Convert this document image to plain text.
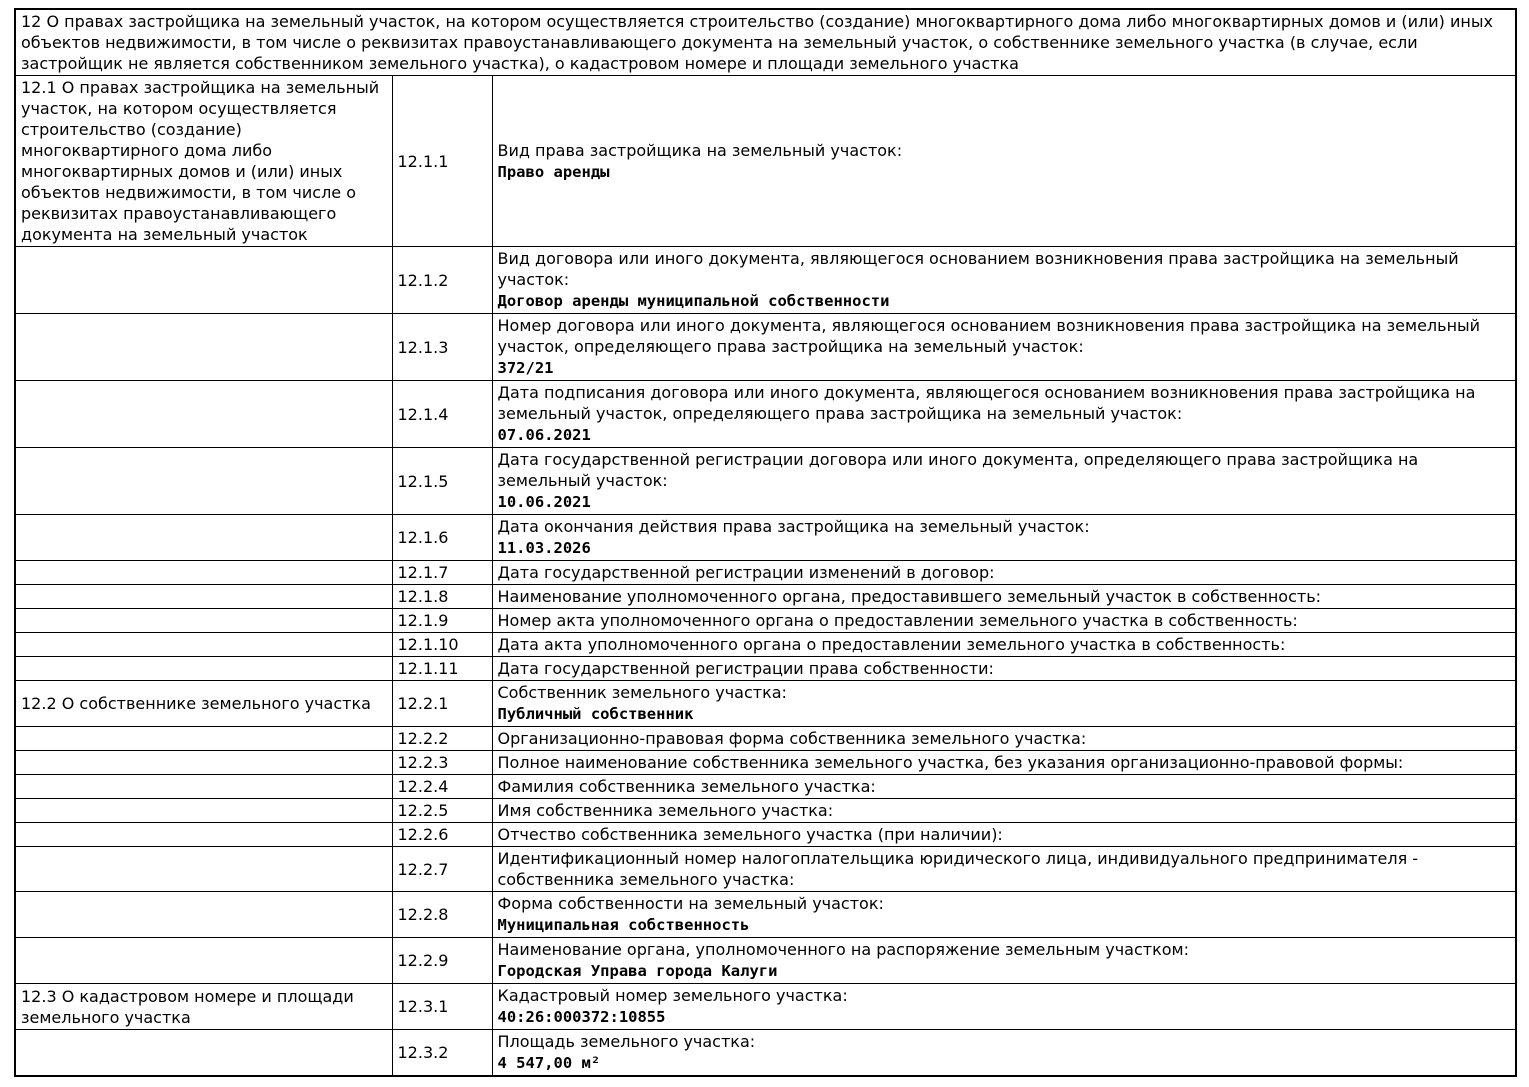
12 О правах застройщика на земельный участок, на котором осуществляется строительство (создание) многоквартирного дома либо многоквартирных домов и (или) иных объектов недвижимости, в том числе о реквизитах правоустанавливающего документа на земельный участок, о собственнике земельного участка (в случае, если застройщик не является собственником земельного участка), о кадастровом номере и площади земельного участка		
12.1 О правах застройщика на земельный участок, на котором осуществляется строительство (создание) многоквартирного дома либо многоквартирных домов и (или) иных объектов недвижимости, в том числе о реквизитах правоустанавливающего документа на земельный участок	12.1.1	Вид права застройщика на земельный участок:
Право аренды

	12.1.2	Вид договора или иного документа, являющегося основанием возникновения права застройщика на земельный участок:
Договор аренды муниципальной собственности

	12.1.3	Номер договора или иного документа, являющегося основанием возникновения права застройщика на земельный участок, определяющего права застройщика на земельный участок:
372/21

	12.1.4	Дата подписания договора или иного документа, являющегося основанием возникновения права застройщика на земельный участок, определяющего права застройщика на земельный участок:
07.06.2021

	12.1.5	Дата государственной регистрации договора или иного документа, определяющего права застройщика на земельный участок:
10.06.2021

	12.1.6	Дата окончания действия права застройщика на земельный участок:
11.03.2026

	12.1.7	Дата государственной регистрации изменений в договор:

	12.1.8	Наименование уполномоченного органа, предоставившего земельный участок в собственность:

	12.1.9	Номер акта уполномоченного органа о предоставлении земельного участка в собственность:

	12.1.10	Дата акта уполномоченного органа о предоставлении земельного участка в собственность:

	12.1.11	Дата государственной регистрации права собственности:

12.2 О собственнике земельного участка	12.2.1	Собственник земельного участка:
Публичный собственник

	12.2.2	Организационно-правовая форма собственника земельного участка:

	12.2.3	Полное наименование собственника земельного участка, без указания организационно-правовой формы:

	12.2.4	Фамилия собственника земельного участка:

	12.2.5	Имя собственника земельного участка:

	12.2.6	Отчество собственника земельного участка (при наличии):

	12.2.7	Идентификационный номер налогоплательщика юридического лица, индивидуального предпринимателя - собственника земельного участка:

	12.2.8	Форма собственности на земельный участок:
Муниципальная собственность

	12.2.9	Наименование органа, уполномоченного на распоряжение земельным участком:
Городская Управа города Калуги

12.3 О кадастровом номере и площади земельного участка	12.3.1	Кадастровый номер земельного участка:
40:26:000372:10855

	12.3.2	Площадь земельного участка:
4 547,00 м²
